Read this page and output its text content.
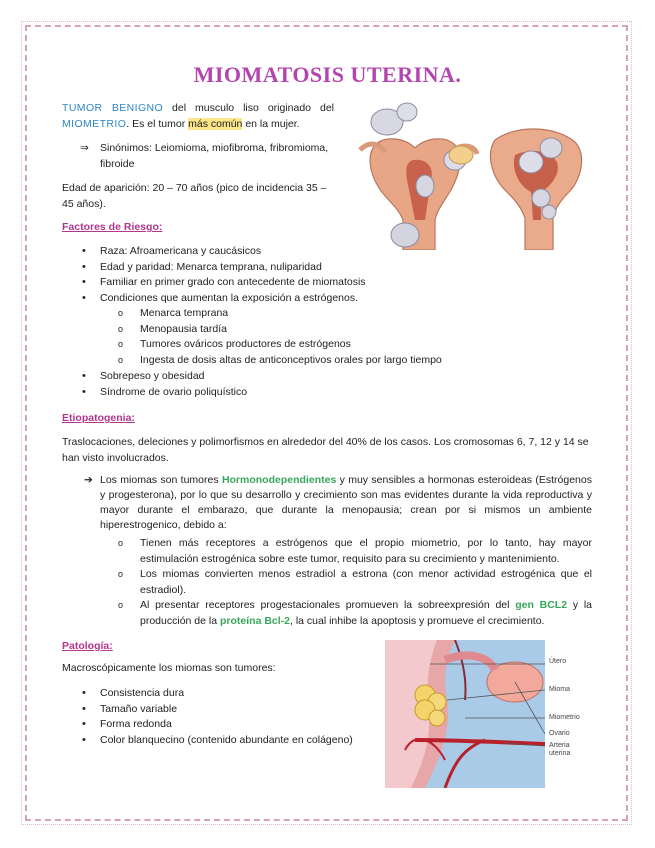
MIOMATOSIS UTERINA.
TUMOR BENIGNO del musculo liso originado del MIOMETRIO. Es el tumor más común en la mujer.
⇒	Sinónimos: Leiomioma, miofibroma, fribromioma, fibroide
Edad de aparición: 20 – 70 años (pico de incidencia 35 – 45 años).
Factores de Riesgo:
• Raza: Afroamericana y caucásicos
• Edad y paridad: Menarca temprana, nuliparidad
• Familiar en primer grado con antecedente de miomatosis
• Condiciones que aumentan la exposición a estrógenos.
o Menarca temprana
o Menopausia tardía
o Tumores ováricos productores de estrógenos
o Ingesta de dosis altas de anticonceptivos orales por largo tiempo
• Sobrepeso y obesidad
• Síndrome de ovario poliquístico
Etiopatogenia:
Traslocaciones, deleciones y polimorfismos en alrededor del 40% de los casos. Los cromosomas 6, 7, 12 y 14 se han visto involucrados.
➔ Los miomas son tumores Hormonodependientes y muy sensibles a hormonas esteroideas (Estrógenos y progesterona), por lo que su desarrollo y crecimiento son mas evidentes durante la vida reproductiva y mayor durante el embarazo, que durante la menopausia; crean por si mismos un ambiente hiperestrogenico, debido a:
o Tienen más receptores a estrógenos que el propio miometrio, por lo tanto, hay mayor estimulación estrogénica sobre este tumor, requisito para su crecimiento y mantenimiento.
o Los miomas convierten menos estradiol a estrona (con menor actividad estrogénica que el estradiol).
o Al presentar receptores progestacionales promueven la sobreexpresión del gen BCL2 y la producción de la proteína Bcl-2, la cual inhibe la apoptosis y promueve el crecimiento.
Patología:
Macroscópicamente los miomas son tumores:
• Consistencia dura
• Tamaño variable
• Forma redonda
• Color blanquecino (contenido abundante en colágeno)
Útero
Mioma
Miometrio
Ovario
Arteria uterina
